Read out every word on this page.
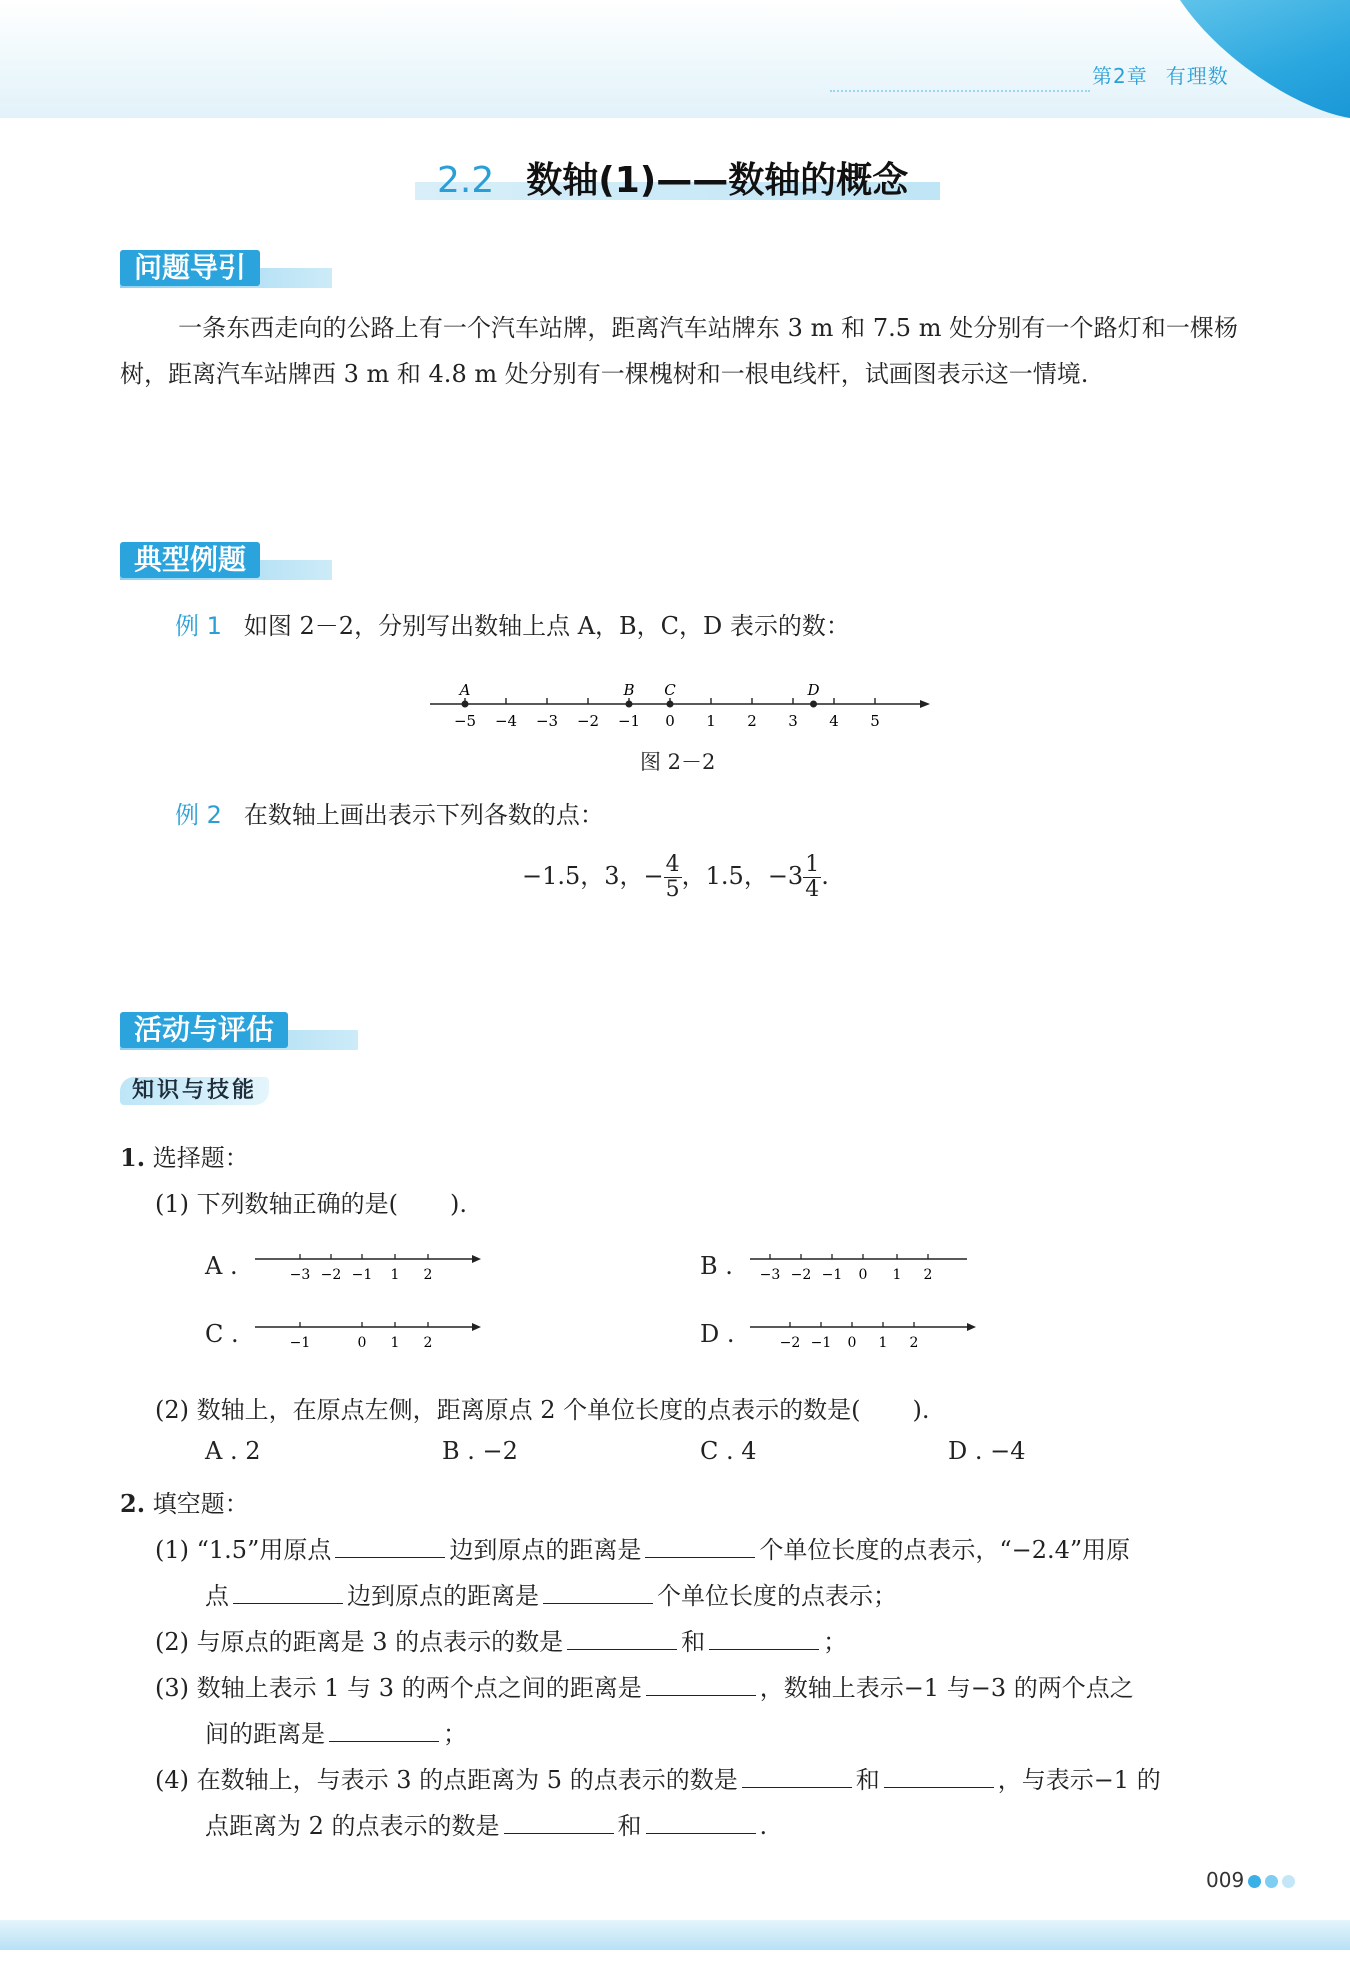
第2章 有理数
2.2 数轴(1)——数轴的概念
问题导引
一条东西走向的公路上有一个汽车站牌，距离汽车站牌东 3 m 和 7.5 m 处分别有一个路灯和一棵杨树，距离汽车站牌西 3 m 和 4.8 m 处分别有一棵槐树和一根电线杆，试画图表示这一情境.
典型例题
例 1 如图 2－2，分别写出数轴上点 A，B，C，D 表示的数：
−5 −4 −3 −2 −1 0 1 2 3 4 5
A	B C	D
图 2－2
例 2 在数轴上画出表示下列各数的点：
−1.5，3，− $\frac{4}{5}$ ，1.5，$-3 \frac{1}{4}$ .
活动与评估
知识与技能
1. 选择题：
(1) 下列数轴正确的是( ).
A .	−3 −2 −1 1 2	B . −3 −2 −1 0 1 2
C .	−1	0 1 2	D .	−2 −1 0 1 2
(2) 数轴上，在原点左侧，距离原点 2 个单位长度的点表示的数是( ).
A . 2	B . −2	C . 4	D . −4
2. 填空题：
(1) “1.5”用原点	边到原点的距离是	个单位长度的点表示，“−2.4”用原
点	边到原点的距离是	个单位长度的点表示；
(2) 与原点的距离是 3 的点表示的数是	和	；
(3) 数轴上表示 1 与 3 的两个点之间的距离是	，数轴上表示−1 与−3 的两个点之
间的距离是	；
(4) 在数轴上，与表示 3 的点距离为 5 的点表示的数是	和	，与表示−1 的
点距离为 2 的点表示的数是	和	.
009
